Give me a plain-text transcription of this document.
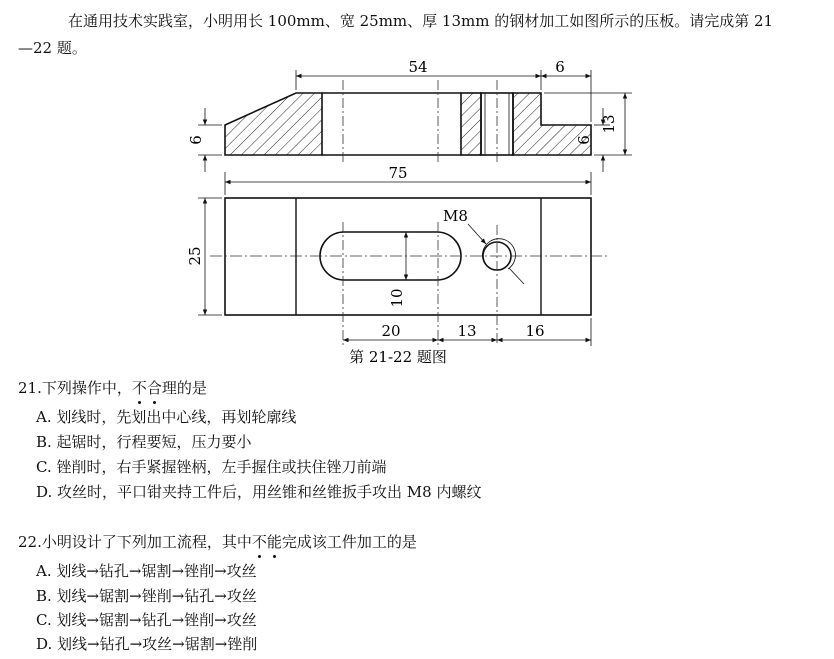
在通用技术实践室，小明用长 100mm、宽 25mm、厚 13mm 的钢材加工如图所示的压板。请完成第 21
—22 题。
54	6
6
13
6
75
25
10
M8
20	13	16
第 21-22 题图
21.下列操作中，不合理的是
A. 划线时，先划出中心线，再划轮廓线
B. 起锯时，行程要短，压力要小
C. 锉削时，右手紧握锉柄，左手握住或扶住锉刀前端
D. 攻丝时，平口钳夹持工件后，用丝锥和丝锥扳手攻出 M8 内螺纹
22.小明设计了下列加工流程，其中不能完成该工件加工的是
A. 划线→钻孔→锯割→锉削→攻丝
B. 划线→锯割→锉削→钻孔→攻丝
C. 划线→锯割→钻孔→锉削→攻丝
D. 划线→钻孔→攻丝→锯割→锉削
